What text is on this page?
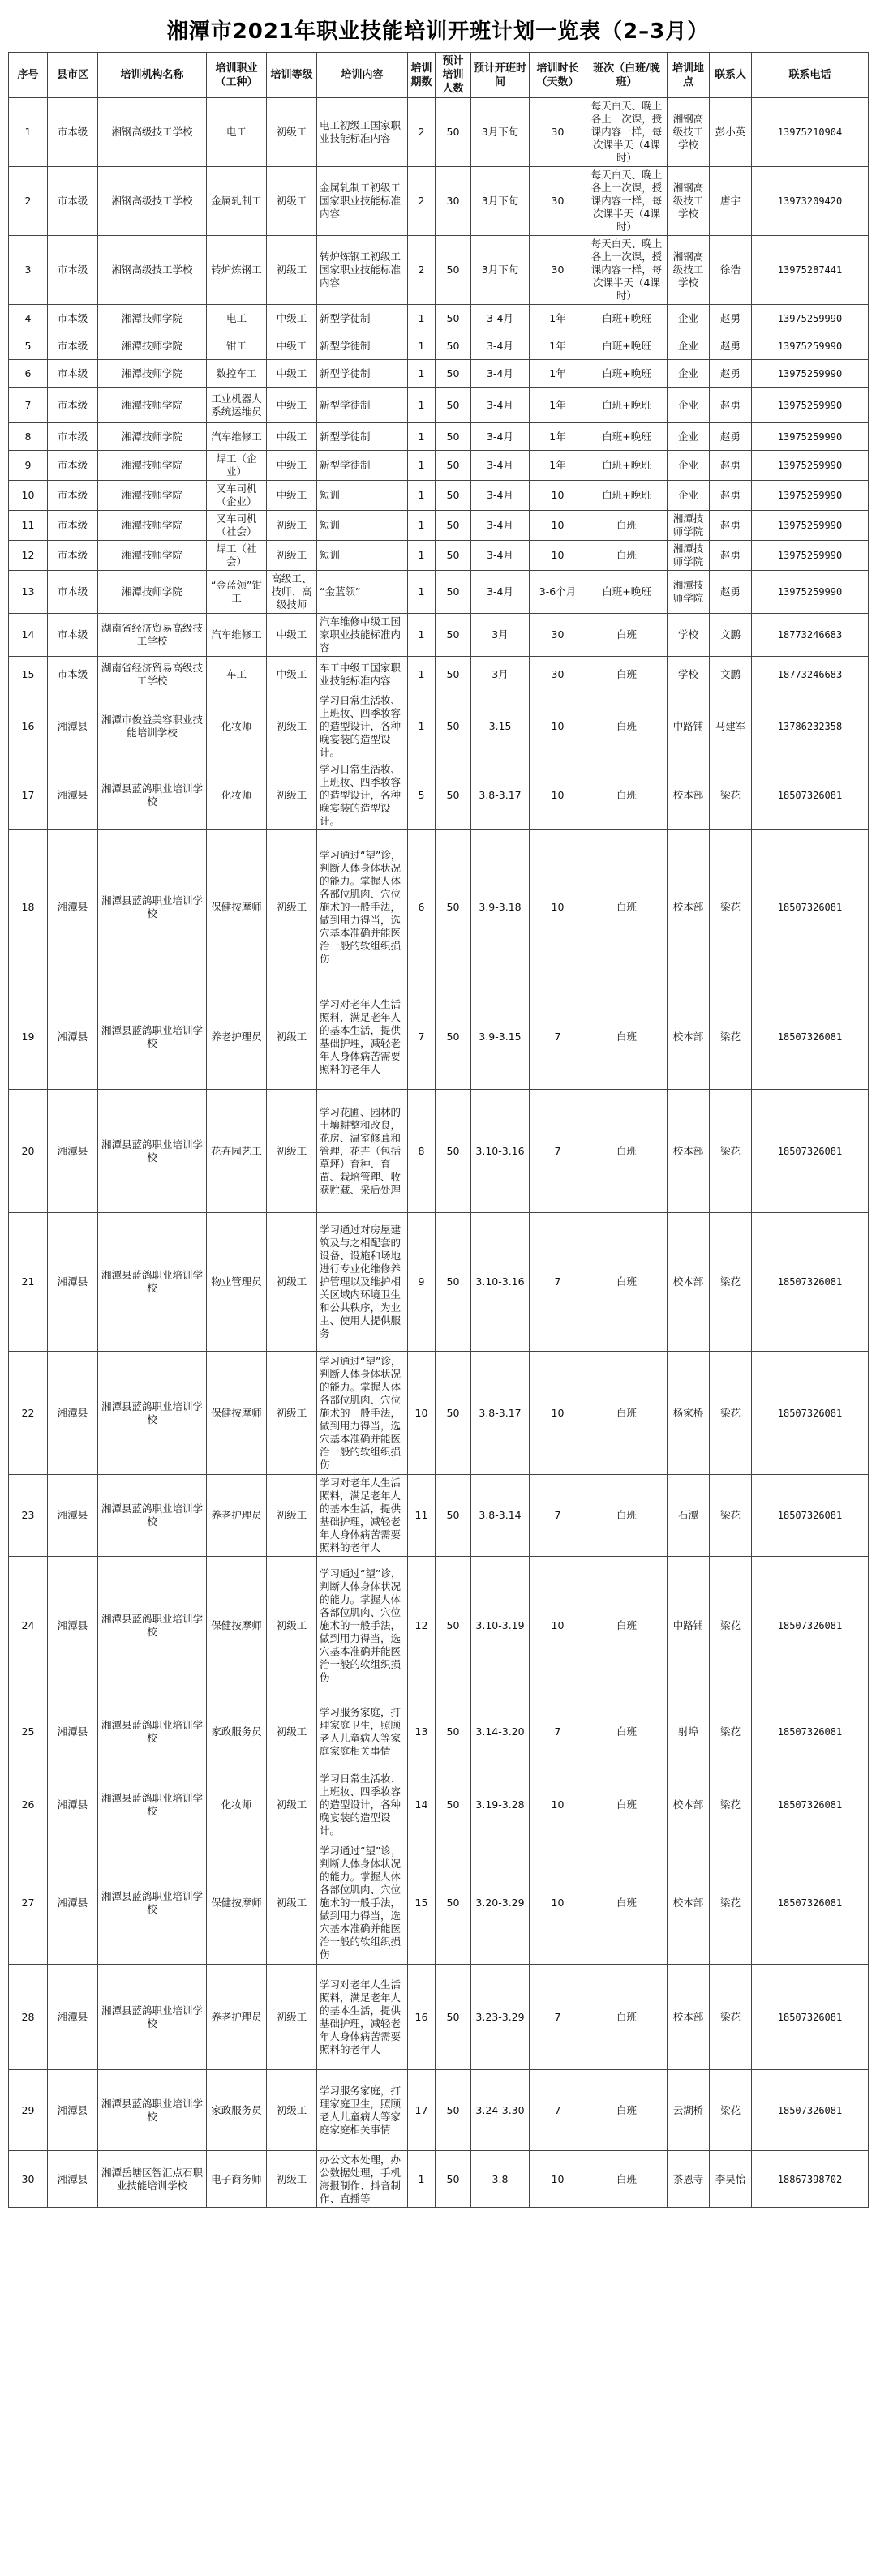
湘潭市2021年职业技能培训开班计划一览表（2–3月）
序号	县市区	培训机构名称	培训职业（工种）	培训等级	培训内容	培训期数	预计培训人数	预计开班时间	培训时长（天数）	班次（白班/晚班）	培训地点	联系人	联系电话
1	市本级	湘钢高级技工学校	电工	初级工	电工初级工国家职业技能标准内容	2	50	3月下旬	30	每天白天、晚上各上一次课，授课内容一样，每次课半天（4课时）	湘钢高级技工学校	彭小英	13975210904
2	市本级	湘钢高级技工学校	金属轧制工	初级工	金属轧制工初级工国家职业技能标准内容	2	30	3月下旬	30	每天白天、晚上各上一次课，授课内容一样，每次课半天（4课时）	湘钢高级技工学校	唐宇	13973209420
3	市本级	湘钢高级技工学校	转炉炼钢工	初级工	转炉炼钢工初级工国家职业技能标准内容	2	50	3月下旬	30	每天白天、晚上各上一次课，授课内容一样，每次课半天（4课时）	湘钢高级技工学校	徐浩	13975287441
4	市本级	湘潭技师学院	电工	中级工	新型学徒制	1	50	3-4月	1年	白班+晚班	企业	赵勇	13975259990
5	市本级	湘潭技师学院	钳工	中级工	新型学徒制	1	50	3-4月	1年	白班+晚班	企业	赵勇	13975259990
6	市本级	湘潭技师学院	数控车工	中级工	新型学徒制	1	50	3-4月	1年	白班+晚班	企业	赵勇	13975259990
7	市本级	湘潭技师学院	工业机器人系统运维员	中级工	新型学徒制	1	50	3-4月	1年	白班+晚班	企业	赵勇	13975259990
8	市本级	湘潭技师学院	汽车维修工	中级工	新型学徒制	1	50	3-4月	1年	白班+晚班	企业	赵勇	13975259990
9	市本级	湘潭技师学院	焊工（企业）	中级工	新型学徒制	1	50	3-4月	1年	白班+晚班	企业	赵勇	13975259990
10	市本级	湘潭技师学院	叉车司机（企业）	中级工	短训	1	50	3-4月	10	白班+晚班	企业	赵勇	13975259990
11	市本级	湘潭技师学院	叉车司机（社会）	初级工	短训	1	50	3-4月	10	白班	湘潭技师学院	赵勇	13975259990
12	市本级	湘潭技师学院	焊工（社会）	初级工	短训	1	50	3-4月	10	白班	湘潭技师学院	赵勇	13975259990
13	市本级	湘潭技师学院	“金蓝领”钳工	高级工、技师、高级技师	“金蓝领”	1	50	3-4月	3-6个月	白班+晚班	湘潭技师学院	赵勇	13975259990
14	市本级	湖南省经济贸易高级技工学校	汽车维修工	中级工	汽车维修中级工国家职业技能标准内容	1	50	3月	30	白班	学校	文鹏	18773246683
15	市本级	湖南省经济贸易高级技工学校	车工	中级工	车工中级工国家职业技能标准内容	1	50	3月	30	白班	学校	文鹏	18773246683
16	湘潭县	湘潭市俊益美容职业技能培训学校	化妆师	初级工	学习日常生活妆、上班妆、四季妆容的造型设计，各种晚宴装的造型设计。	1	50	3.15	10	白班	中路铺	马建军	13786232358
17	湘潭县	湘潭县蓝鸽职业培训学校	化妆师	初级工	学习日常生活妆、上班妆、四季妆容的造型设计，各种晚宴装的造型设计。	5	50	3.8-3.17	10	白班	校本部	梁花	18507326081
18	湘潭县	湘潭县蓝鸽职业培训学校	保健按摩师	初级工	学习通过“望”诊，判断人体身体状况的能力。掌握人体各部位肌肉、穴位施术的一般手法，做到用力得当，选穴基本准确并能医治一般的软组织损伤	6	50	3.9-3.18	10	白班	校本部	梁花	18507326081
19	湘潭县	湘潭县蓝鸽职业培训学校	养老护理员	初级工	学习对老年人生活照料，满足老年人的基本生活，提供基础护理，减轻老年人身体病苦需要照料的老年人	7	50	3.9-3.15	7	白班	校本部	梁花	18507326081
20	湘潭县	湘潭县蓝鸽职业培训学校	花卉园艺工	初级工	学习花圃、园林的土壤耕整和改良，花房、温室修葺和管理，花卉（包括草坪）育种、育苗、栽培管理、收获贮藏、采后处理	8	50	3.10-3.16	7	白班	校本部	梁花	18507326081
21	湘潭县	湘潭县蓝鸽职业培训学校	物业管理员	初级工	学习通过对房屋建筑及与之相配套的设备、设施和场地进行专业化维修养护管理以及维护相关区域内环境卫生和公共秩序，为业主、使用人提供服务	9	50	3.10-3.16	7	白班	校本部	梁花	18507326081
22	湘潭县	湘潭县蓝鸽职业培训学校	保健按摩师	初级工	学习通过“望”诊，判断人体身体状况的能力。掌握人体各部位肌肉、穴位施术的一般手法，做到用力得当，选穴基本准确并能医治一般的软组织损伤	10	50	3.8-3.17	10	白班	杨家桥	梁花	18507326081
23	湘潭县	湘潭县蓝鸽职业培训学校	养老护理员	初级工	学习对老年人生活照料，满足老年人的基本生活，提供基础护理，减轻老年人身体病苦需要照料的老年人	11	50	3.8-3.14	7	白班	石潭	梁花	18507326081
24	湘潭县	湘潭县蓝鸽职业培训学校	保健按摩师	初级工	学习通过“望”诊，判断人体身体状况的能力。掌握人体各部位肌肉、穴位施术的一般手法，做到用力得当，选穴基本准确并能医治一般的软组织损伤	12	50	3.10-3.19	10	白班	中路铺	梁花	18507326081
25	湘潭县	湘潭县蓝鸽职业培训学校	家政服务员	初级工	学习服务家庭，打理家庭卫生，照顾老人儿童病人等家庭家庭相关事情	13	50	3.14-3.20	7	白班	射埠	梁花	18507326081
26	湘潭县	湘潭县蓝鸽职业培训学校	化妆师	初级工	学习日常生活妆、上班妆、四季妆容的造型设计，各种晚宴装的造型设计。	14	50	3.19-3.28	10	白班	校本部	梁花	18507326081
27	湘潭县	湘潭县蓝鸽职业培训学校	保健按摩师	初级工	学习通过“望”诊，判断人体身体状况的能力。掌握人体各部位肌肉、穴位施术的一般手法，做到用力得当，选穴基本准确并能医治一般的软组织损伤	15	50	3.20-3.29	10	白班	校本部	梁花	18507326081
28	湘潭县	湘潭县蓝鸽职业培训学校	养老护理员	初级工	学习对老年人生活照料，满足老年人的基本生活，提供基础护理，减轻老年人身体病苦需要照料的老年人	16	50	3.23-3.29	7	白班	校本部	梁花	18507326081
29	湘潭县	湘潭县蓝鸽职业培训学校	家政服务员	初级工	学习服务家庭，打理家庭卫生，照顾老人儿童病人等家庭家庭相关事情	17	50	3.24-3.30	7	白班	云湖桥	梁花	18507326081
30	湘潭县	湘潭岳塘区智汇点石职业技能培训学校	电子商务师	初级工	办公文本处理，办公数据处理，手机海报制作、抖音制作、直播等	1	50	3.8	10	白班	茶恩寺	李昊怡	18867398702
